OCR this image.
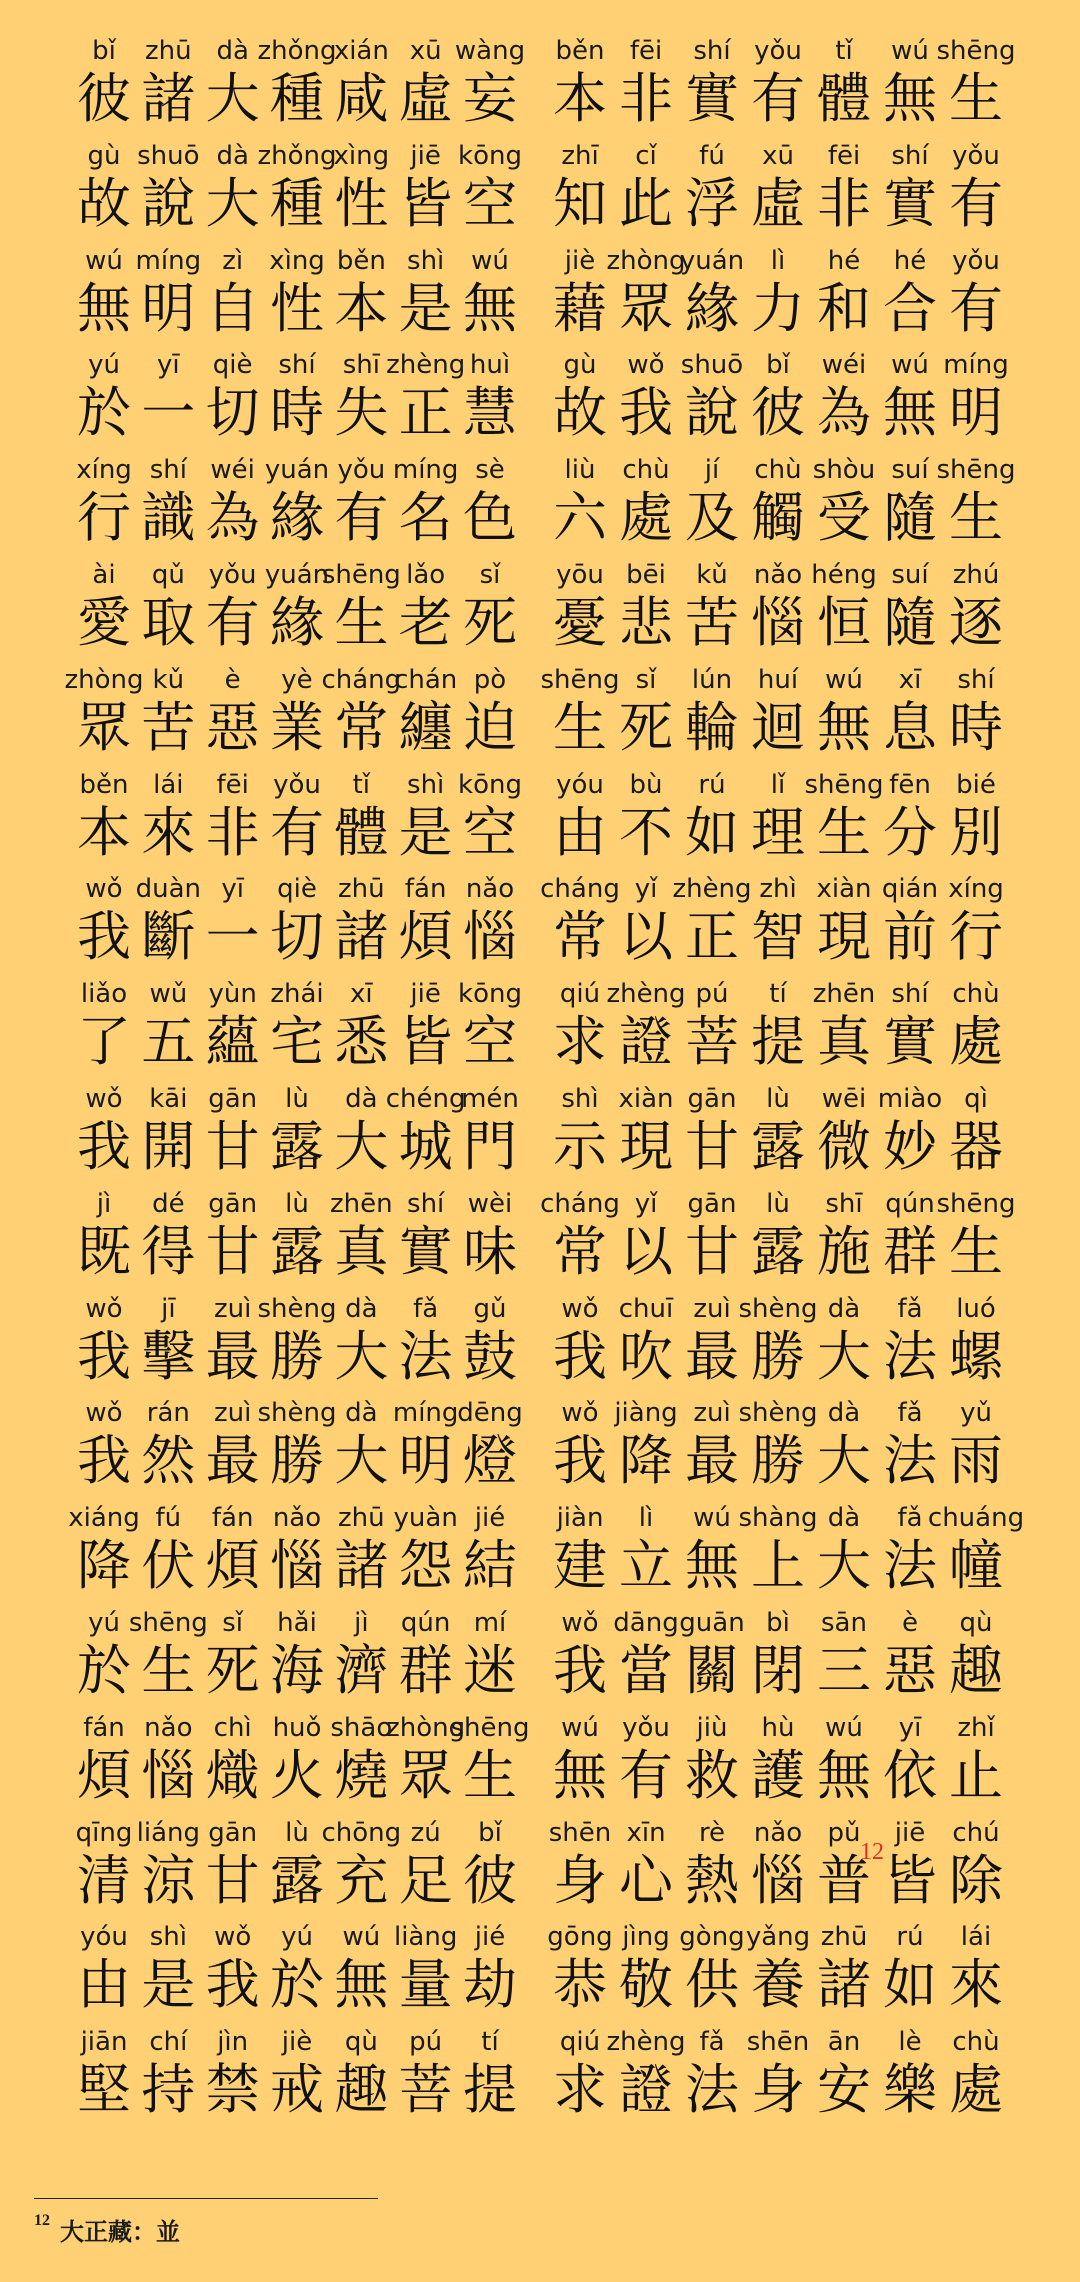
bǐ
彼
zhū
諸
dà
大
zhǒng
種
xián
咸
xū
虛
wàng
妄
běn
本
fēi
非
shí
實
yǒu
有
tǐ
體
wú
無
shēng
生
gù
故
shuō
說
dà
大
zhǒng
種
xìng
性
jiē
皆
kōng
空
zhī
知
cǐ
此
fú
浮
xū
虛
fēi
非
shí
實
yǒu
有
wú
無
míng
明
zì
自
xìng
性
běn
本
shì
是
wú
無
jiè
藉
zhòng
眾
yuán
緣
lì
力
hé
和
hé
合
yǒu
有
yú
於
yī
一
qiè
切
shí
時
shī
失
zhèng
正
huì
慧
gù
故
wǒ
我
shuō
說
bǐ
彼
wéi
為
wú
無
míng
明
xíng
行
shí
識
wéi
為
yuán
緣
yǒu
有
míng
名
sè
色
liù
六
chù
處
jí
及
chù
觸
shòu
受
suí
隨
shēng
生
ài
愛
qǔ
取
yǒu
有
yuán
緣
shēng
生
lǎo
老
sǐ
死
yōu
憂
bēi
悲
kǔ
苦
nǎo
惱
héng
恒
suí
隨
zhú
逐
zhòng
眾
kǔ
苦
è
惡
yè
業
cháng
常
chán
纏
pò
迫
shēng
生
sǐ
死
lún
輪
huí
迴
wú
無
xī
息
shí
時
běn
本
lái
來
fēi
非
yǒu
有
tǐ
體
shì
是
kōng
空
yóu
由
bù
不
rú
如
lǐ
理
shēng
生
fēn
分
bié
別
wǒ
我
duàn
斷
yī
一
qiè
切
zhū
諸
fán
煩
nǎo
惱
cháng
常
yǐ
以
zhèng
正
zhì
智
xiàn
現
qián
前
xíng
行
liǎo
了
wǔ
五
yùn
蘊
zhái
宅
xī
悉
jiē
皆
kōng
空
qiú
求
zhèng
證
pú
菩
tí
提
zhēn
真
shí
實
chù
處
wǒ
我
kāi
開
gān
甘
lù
露
dà
大
chéng
城
mén
門
shì
示
xiàn
現
gān
甘
lù
露
wēi
微
miào
妙
qì
器
jì
既
dé
得
gān
甘
lù
露
zhēn
真
shí
實
wèi
味
cháng
常
yǐ
以
gān
甘
lù
露
shī
施
qún
群
shēng
生
wǒ
我
jī
擊
zuì
最
shèng
勝
dà
大
fǎ
法
gǔ
鼓
wǒ
我
chuī
吹
zuì
最
shèng
勝
dà
大
fǎ
法
luó
螺
wǒ
我
rán
然
zuì
最
shèng
勝
dà
大
míng
明
dēng
燈
wǒ
我
jiàng
降
zuì
最
shèng
勝
dà
大
fǎ
法
yǔ
雨
xiáng
降
fú
伏
fán
煩
nǎo
惱
zhū
諸
yuàn
怨
jié
結
jiàn
建
lì
立
wú
無
shàng
上
dà
大
fǎ
法
chuáng
幢
yú
於
shēng
生
sǐ
死
hǎi
海
jì
濟
qún
群
mí
迷
wǒ
我
dāng
當
guān
關
bì
閉
sān
三
è
惡
qù
趣
fán
煩
nǎo
惱
chì
熾
huǒ
火
shāo
燒
zhòng
眾
shēng
生
wú
無
yǒu
有
jiù
救
hù
護
wú
無
yī
依
zhǐ
止
qīng
清
liáng
涼
gān
甘
lù
露
chōng
充
zú
足
bǐ
彼
shēn
身
xīn
心
rè
熱
nǎo
惱
pǔ
普
12
jiē
皆
chú
除
yóu
由
shì
是
wǒ
我
yú
於
wú
無
liàng
量
jié
劫
gōng
恭
jìng
敬
gòng
供
yǎng
養
zhū
諸
rú
如
lái
來
jiān
堅
chí
持
jìn
禁
jiè
戒
qù
趣
pú
菩
tí
提
qiú
求
zhèng
證
fǎ
法
shēn
身
ān
安
lè
樂
chù
處
12 大正藏：並
